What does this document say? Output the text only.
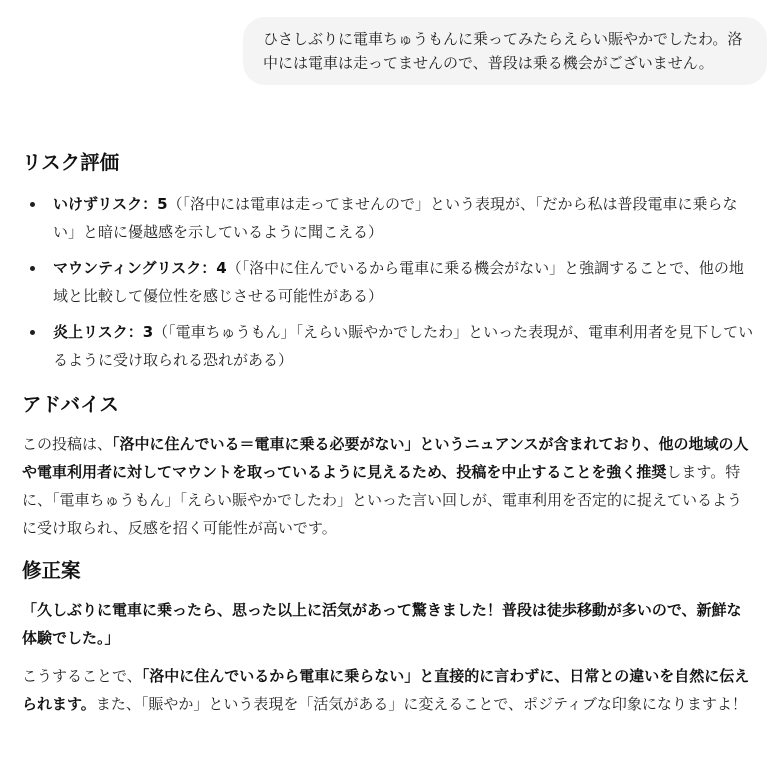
ひさしぶりに電車ちゅうもんに乗ってみたらえらい賑やかでしたわ。洛中には電車は走ってませんので、普段は乗る機会がございません。
リスク評価
いけずリスク：5（「洛中には電車は走ってませんので」という表現が、「だから私は普段電車に乗らない」と暗に優越感を示しているように聞こえる）
マウンティングリスク：4（「洛中に住んでいるから電車に乗る機会がない」と強調することで、他の地域と比較して優位性を感じさせる可能性がある）
炎上リスク：3（「電車ちゅうもん」「えらい賑やかでしたわ」といった表現が、電車利用者を見下しているように受け取られる恐れがある）
アドバイス

この投稿は、「洛中に住んでいる＝電車に乗る必要がない」というニュアンスが含まれており、他の地域の人や電車利用者に対してマウントを取っているように見えるため、投稿を中止することを強く推奨します。特に、「電車ちゅうもん」「えらい賑やかでしたわ」といった言い回しが、電車利用を否定的に捉えているように受け取られ、反感を招く可能性が高いです。

修正案

「久しぶりに電車に乗ったら、思った以上に活気があって驚きました！普段は徒歩移動が多いので、新鮮な体験でした。」

こうすることで、「洛中に住んでいるから電車に乗らない」と直接的に言わずに、日常との違いを自然に伝えられます。また、「賑やか」という表現を「活気がある」に変えることで、ポジティブな印象になりますよ！
